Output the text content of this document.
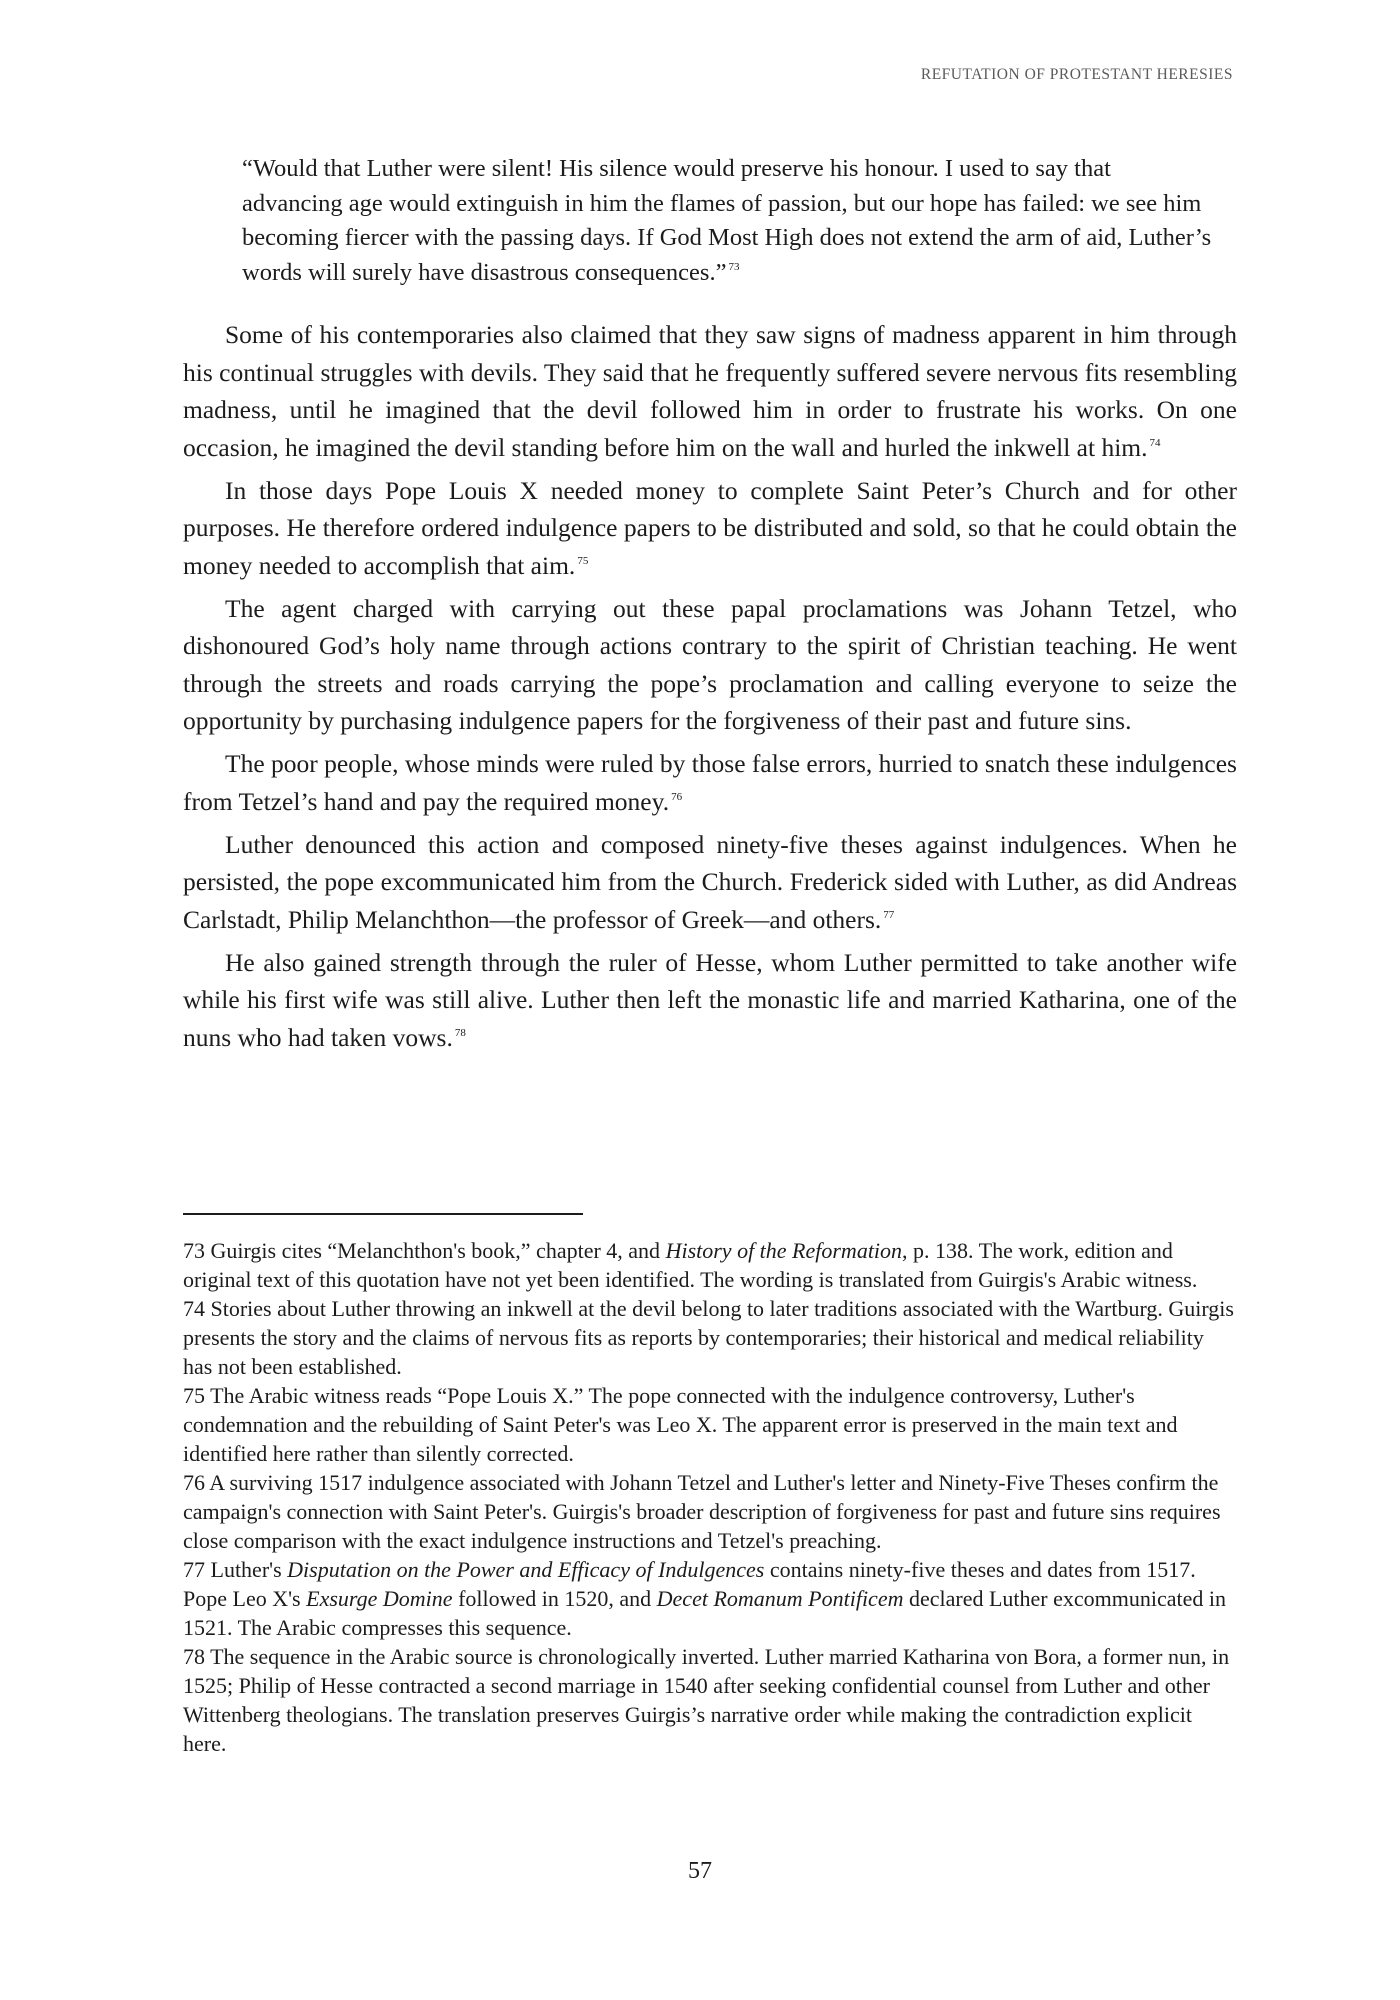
REFUTATION OF PROTESTANT HERESIES

“Would that Luther were silent! His silence would preserve his honour. I used to say that advancing age would extinguish in him the flames of passion, but our hope has failed: we see him becoming fiercer with the passing days. If God Most High does not extend the arm of aid, Luther’s words will surely have disastrous consequences.” $^{73}$

Some of his contemporaries also claimed that they saw signs of madness apparent in him through his continual struggles with devils. They said that he frequently suffered severe nervous fits resembling madness, until he imagined that the devil followed him in order to frustrate his works. On one occasion, he imagined the devil standing before him on the wall and hurled the inkwell at him. $^{74}$

In those days Pope Louis X needed money to complete Saint Peter’s Church and for other purposes. He therefore ordered indulgence papers to be distributed and sold, so that he could obtain the money needed to accomplish that aim. $^{75}$

The agent charged with carrying out these papal proclamations was Johann Tetzel, who dishonoured God’s holy name through actions contrary to the spirit of Christian teaching. He went through the streets and roads carrying the pope’s proclamation and calling everyone to seize the opportunity by purchasing indulgence papers for the forgiveness of their past and future sins.

The poor people, whose minds were ruled by those false errors, hurried to snatch these indulgences from Tetzel’s hand and pay the required money. $^{76}$

Luther denounced this action and composed ninety-five theses against indulgences. When he persisted, the pope excommunicated him from the Church. Frederick sided with Luther, as did Andreas Carlstadt, Philip Melanchthon—the professor of Greek—and others. $^{77}$

He also gained strength through the ruler of Hesse, whom Luther permitted to take another wife while his first wife was still alive. Luther then left the monastic life and married Katharina, one of the nuns who had taken vows. $^{78}$

73 Guirgis cites “Melanchthon's book,” chapter 4, and History of the Reformation, p. 138. The work, edition and original text of this quotation have not yet been identified. The wording is translated from Guirgis's Arabic witness.

74 Stories about Luther throwing an inkwell at the devil belong to later traditions associated with the Wartburg. Guirgis presents the story and the claims of nervous fits as reports by contemporaries; their historical and medical reliability has not been established.

75 The Arabic witness reads “Pope Louis X.” The pope connected with the indulgence controversy, Luther's condemnation and the rebuilding of Saint Peter's was Leo X. The apparent error is preserved in the main text and identified here rather than silently corrected.

76 A surviving 1517 indulgence associated with Johann Tetzel and Luther's letter and Ninety-Five Theses confirm the campaign's connection with Saint Peter's. Guirgis's broader description of forgiveness for past and future sins requires close comparison with the exact indulgence instructions and Tetzel's preaching.

77 Luther's Disputation on the Power and Efficacy of Indulgences contains ninety-five theses and dates from 1517. Pope Leo X's Exsurge Domine followed in 1520, and Decet Romanum Pontificem declared Luther excommunicated in 1521. The Arabic compresses this sequence.

78 The sequence in the Arabic source is chronologically inverted. Luther married Katharina von Bora, a former nun, in 1525; Philip of Hesse contracted a second marriage in 1540 after seeking confidential counsel from Luther and other Wittenberg theologians. The translation preserves Guirgis’s narrative order while making the contradiction explicit here.

57
